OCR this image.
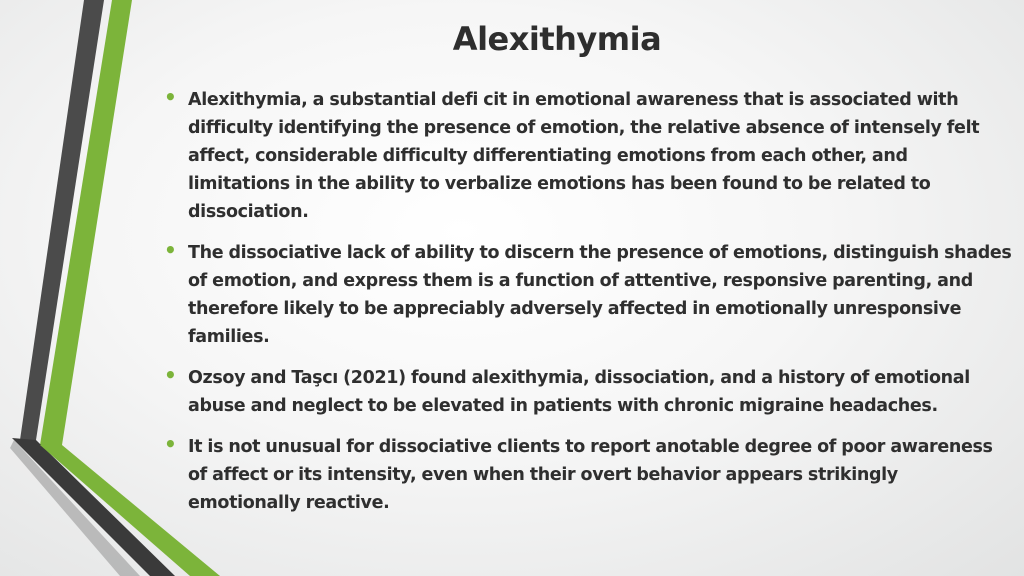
Alexithymia
• Alexithymia, a substantial defi cit in emotional awareness that is associated with difficulty identifying the presence of emotion, the relative absence of intensely felt affect, considerable difficulty differentiating emotions from each other, and limitations in the ability to verbalize emotions has been found to be related to dissociation.
• The dissociative lack of ability to discern the presence of emotions, distinguish shades of emotion, and express them is a function of attentive, responsive parenting, and therefore likely to be appreciably adversely affected in emotionally unresponsive families.
• Ozsoy and Taşcı (2021) found alexithymia, dissociation, and a history of emotional abuse and neglect to be elevated in patients with chronic migraine headaches.
• It is not unusual for dissociative clients to report anotable degree of poor awareness of affect or its intensity, even when their overt behavior appears strikingly emotionally reactive.
